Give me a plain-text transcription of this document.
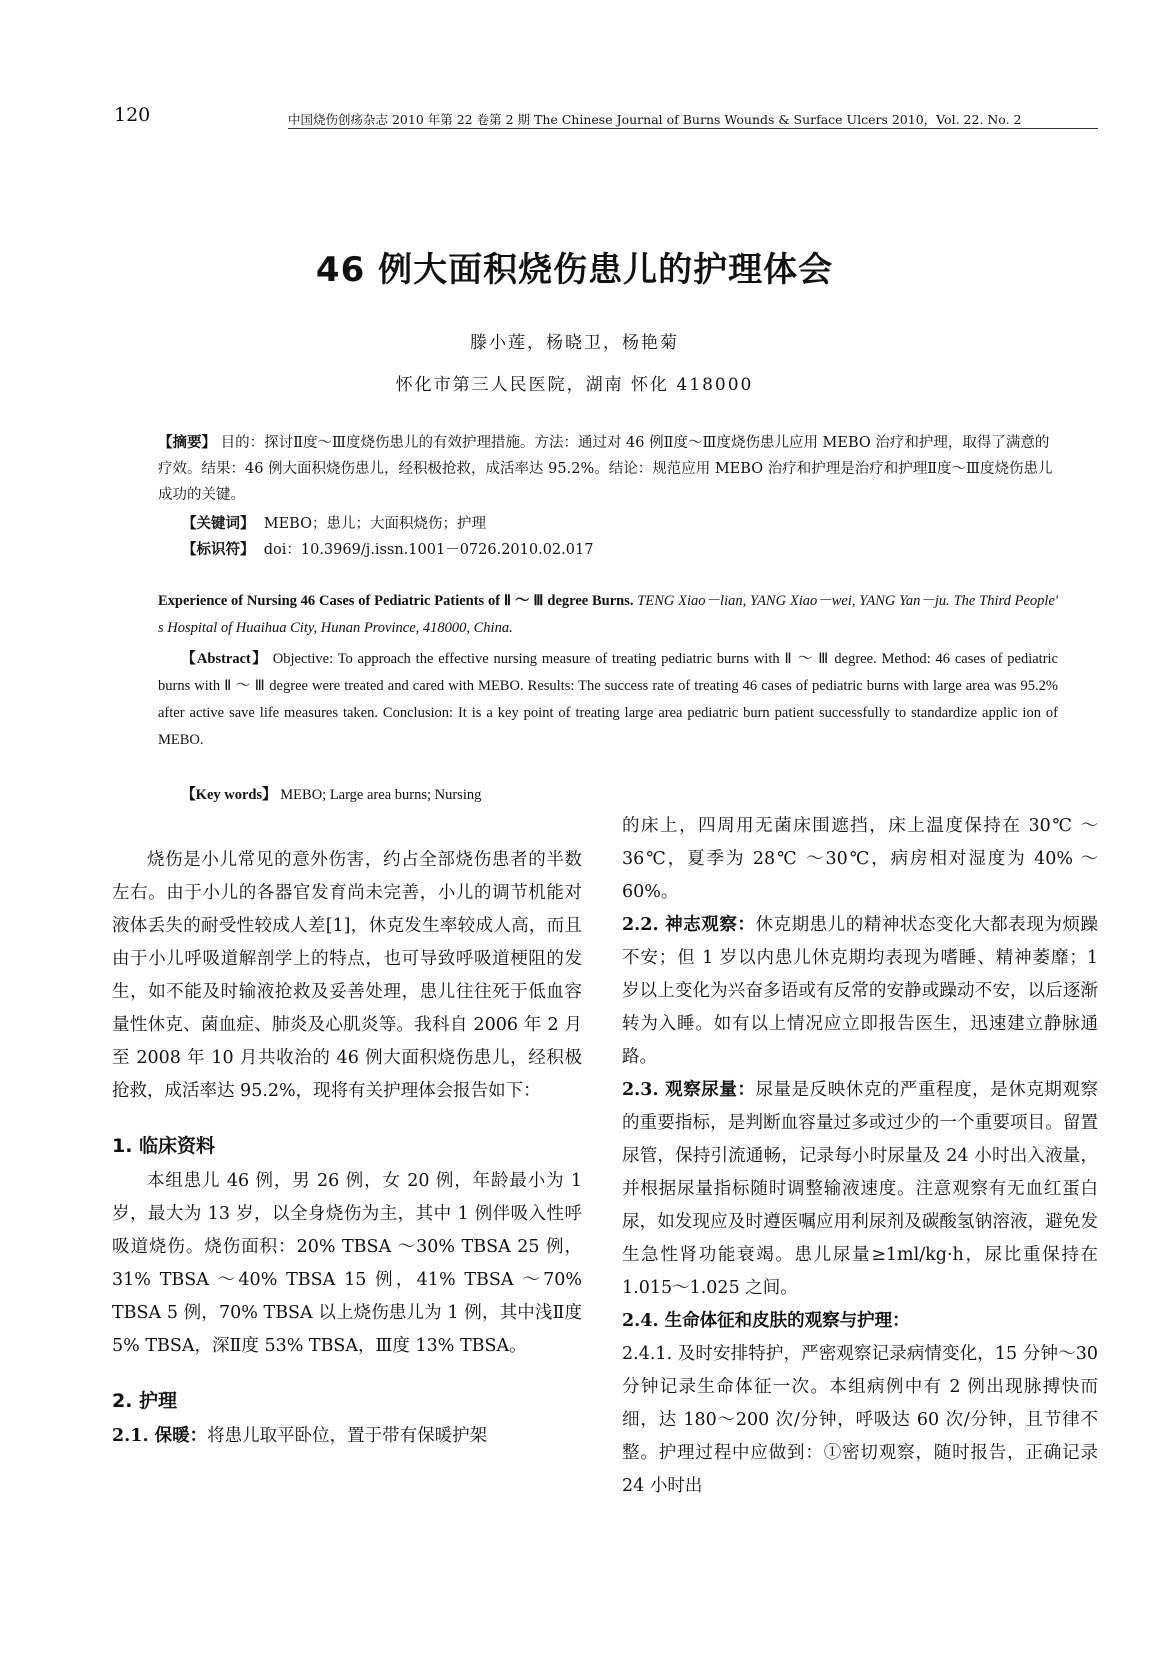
120	中国烧伤创疡杂志 2010 年第 22 卷第 2 期 The Chinese Journal of Burns Wounds & Surface Ulcers 2010，Vol. 22. No. 2
46 例大面积烧伤患儿的护理体会
滕小莲，杨晓卫，杨艳菊
怀化市第三人民医院，湖南 怀化 418000
【摘要】 目的：探讨Ⅱ度～Ⅲ度烧伤患儿的有效护理措施。方法：通过对 46 例Ⅱ度～Ⅲ度烧伤患儿应用 MEBO 治疗和护理，取得了满意的疗效。结果：46 例大面积烧伤患儿，经积极抢救，成活率达 95.2%。结论：规范应用 MEBO 治疗和护理是治疗和护理Ⅱ度～Ⅲ度烧伤患儿成功的关键。
【关键词】 MEBO；患儿；大面积烧伤；护理
【标识符】 doi：10.3969/j.issn.1001－0726.2010.02.017
Experience of Nursing 46 Cases of Pediatric Patients of Ⅱ ～ Ⅲ degree Burns. TENG Xiao－lian, YANG Xiao－wei, YANG Yan－ju. The Third People' s Hospital of Huaihua City, Hunan Province, 418000, China.
【Abstract】 Objective: To approach the effective nursing measure of treating pediatric burns with Ⅱ ～ Ⅲ degree. Method: 46 cases of pediatric burns with Ⅱ ～ Ⅲ degree were treated and cared with MEBO. Results: The success rate of treating 46 cases of pediatric burns with large area was 95.2% after active save life measures taken. Conclusion: It is a key point of treating large area pediatric burn patient successfully to standardize applic ion of MEBO.
【Key words】 MEBO; Large area burns; Nursing

烧伤是小儿常见的意外伤害，约占全部烧伤患者的半数左右。由于小儿的各器官发育尚未完善，小儿的调节机能对液体丢失的耐受性较成人差[1]，休克发生率较成人高，而且由于小儿呼吸道解剖学上的特点，也可导致呼吸道梗阻的发生，如不能及时输液抢救及妥善处理，患儿往往死于低血容量性休克、菌血症、肺炎及心肌炎等。我科自 2006 年 2 月至 2008 年 10 月共收治的 46 例大面积烧伤患儿，经积极抢救，成活率达 95.2%，现将有关护理体会报告如下：

1. 临床资料

本组患儿 46 例，男 26 例，女 20 例，年龄最小为 1 岁，最大为 13 岁，以全身烧伤为主，其中 1 例伴吸入性呼吸道烧伤。烧伤面积：20% TBSA ～30% TBSA 25 例，31% TBSA ～40% TBSA 15 例，41% TBSA ～70% TBSA 5 例，70% TBSA 以上烧伤患儿为 1 例，其中浅Ⅱ度 5% TBSA，深Ⅱ度 53% TBSA，Ⅲ度 13% TBSA。

2. 护理

2.1. 保暖：将患儿取平卧位，置于带有保暖护架

的床上，四周用无菌床围遮挡，床上温度保持在 30℃ ～36℃，夏季为 28℃ ～30℃，病房相对湿度为 40% ～60%。

2.2. 神志观察：休克期患儿的精神状态变化大都表现为烦躁不安；但 1 岁以内患儿休克期均表现为嗜睡、精神萎靡；1 岁以上变化为兴奋多语或有反常的安静或躁动不安，以后逐渐转为入睡。如有以上情况应立即报告医生，迅速建立静脉通路。

2.3. 观察尿量：尿量是反映休克的严重程度，是休克期观察的重要指标，是判断血容量过多或过少的一个重要项目。留置尿管，保持引流通畅，记录每小时尿量及 24 小时出入液量，并根据尿量指标随时调整输液速度。注意观察有无血红蛋白尿，如发现应及时遵医嘱应用利尿剂及碳酸氢钠溶液，避免发生急性肾功能衰竭。患儿尿量≥1ml/kg·h，尿比重保持在 1.015～1.025 之间。

2.4. 生命体征和皮肤的观察与护理：

2.4.1. 及时安排特护，严密观察记录病情变化，15 分钟～30 分钟记录生命体征一次。本组病例中有 2 例出现脉搏快而细，达 180～200 次/分钟，呼吸达 60 次/分钟，且节律不整。护理过程中应做到：①密切观察，随时报告，正确记录 24 小时出
